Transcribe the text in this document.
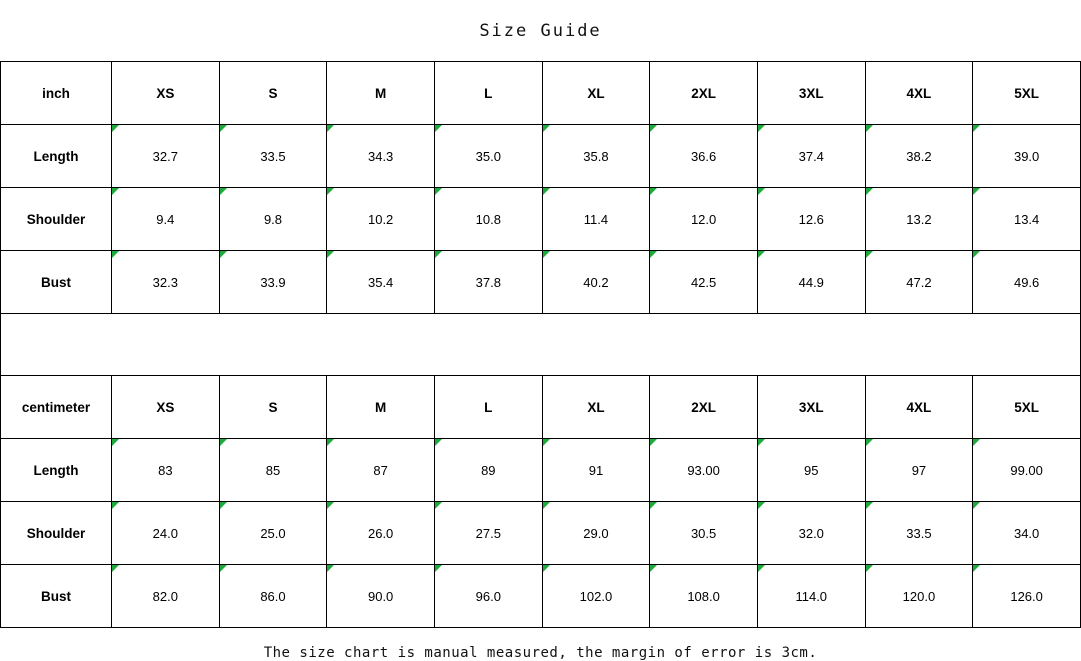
Size Guide
inch	XS	S	M	L	XL	2XL	3XL	4XL	5XL
Length	32.7	33.5	34.3	35.0	35.8	36.6	37.4	38.2	39.0
Shoulder	9.4	9.8	10.2	10.8	11.4	12.0	12.6	13.2	13.4
Bust	32.3	33.9	35.4	37.8	40.2	42.5	44.9	47.2	49.6
centimeter	XS	S	M	L	XL	2XL	3XL	4XL	5XL
Length	83	85	87	89	91	93.00	95	97	99.00
Shoulder	24.0	25.0	26.0	27.5	29.0	30.5	32.0	33.5	34.0
Bust	82.0	86.0	90.0	96.0	102.0	108.0	114.0	120.0	126.0
The size chart is manual measured, the margin of error is 3cm.
